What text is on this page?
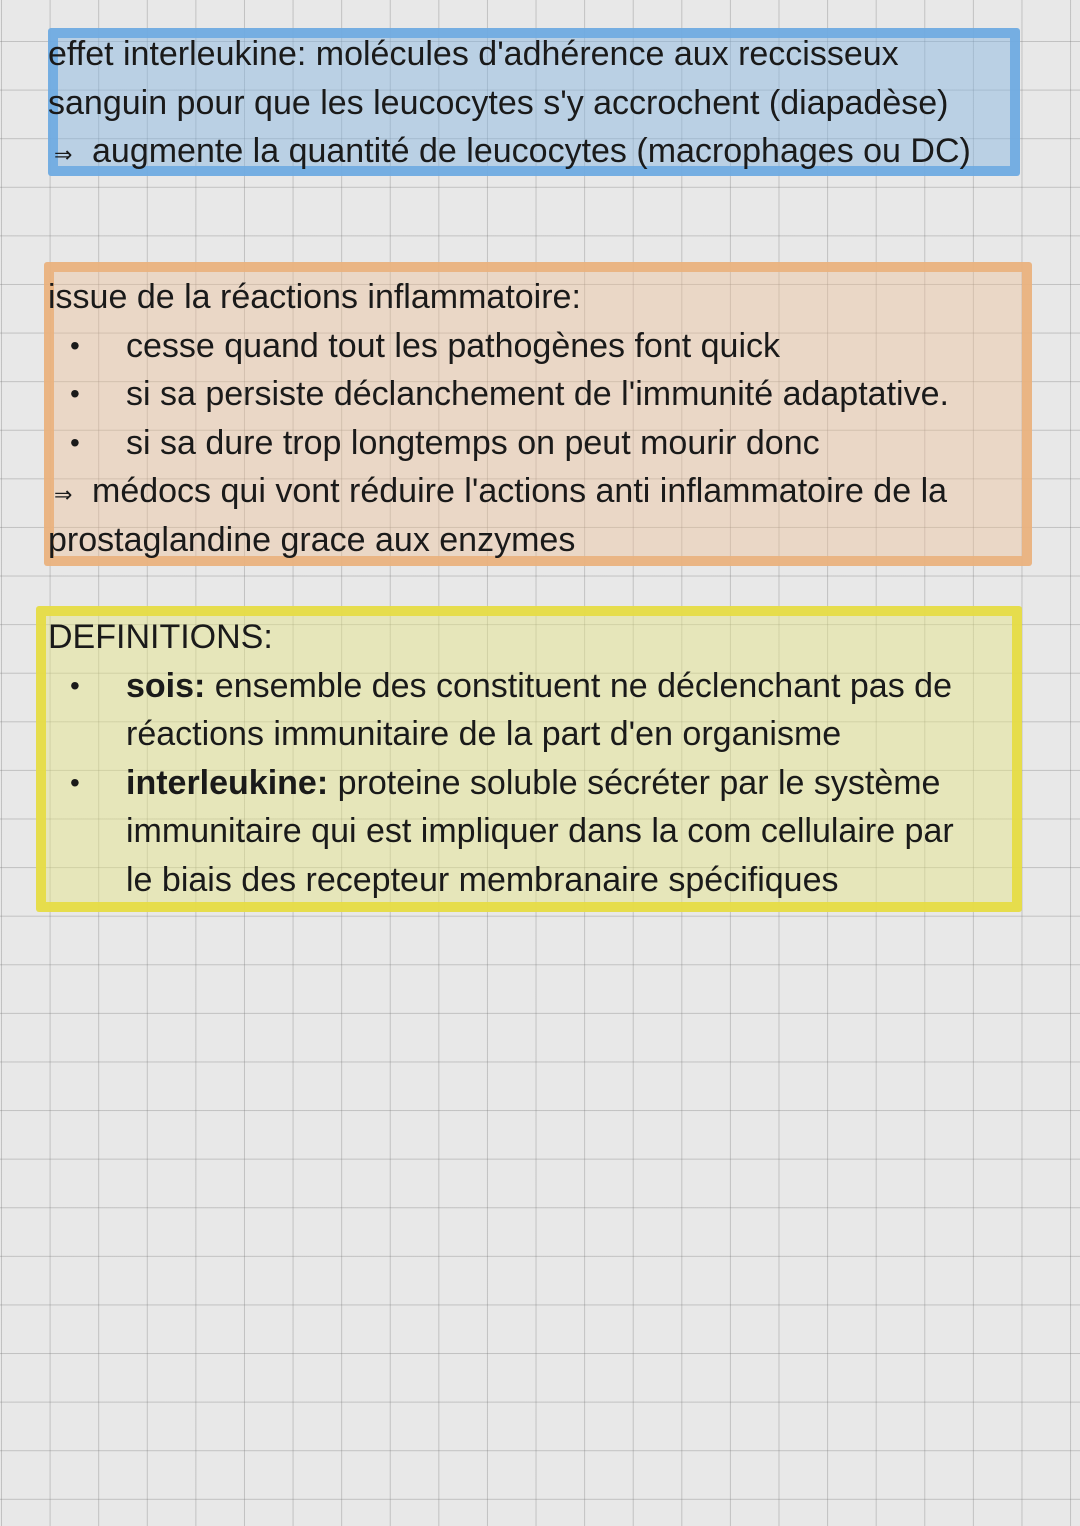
effet interleukine: molécules d'adhérence aux reccisseux
sanguin pour que les leucocytes s'y accrochent (diapadèse)
⇒ augmente la quantité de leucocytes (macrophages ou DC)
issue de la réactions inflammatoire:
• cesse quand tout les pathogènes font quick
• si sa persiste déclanchement de l'immunité adaptative.
• si sa dure trop longtemps on peut mourir donc
⇒ médocs qui vont réduire l'actions anti inflammatoire de la
prostaglandine grace aux enzymes
DEFINITIONS:
• sois: ensemble des constituent ne déclenchant pas de
réactions immunitaire de la part d'en organisme
• interleukine: proteine soluble sécréter par le système
immunitaire qui est impliquer dans la com cellulaire par
le biais des recepteur membranaire spécifiques
